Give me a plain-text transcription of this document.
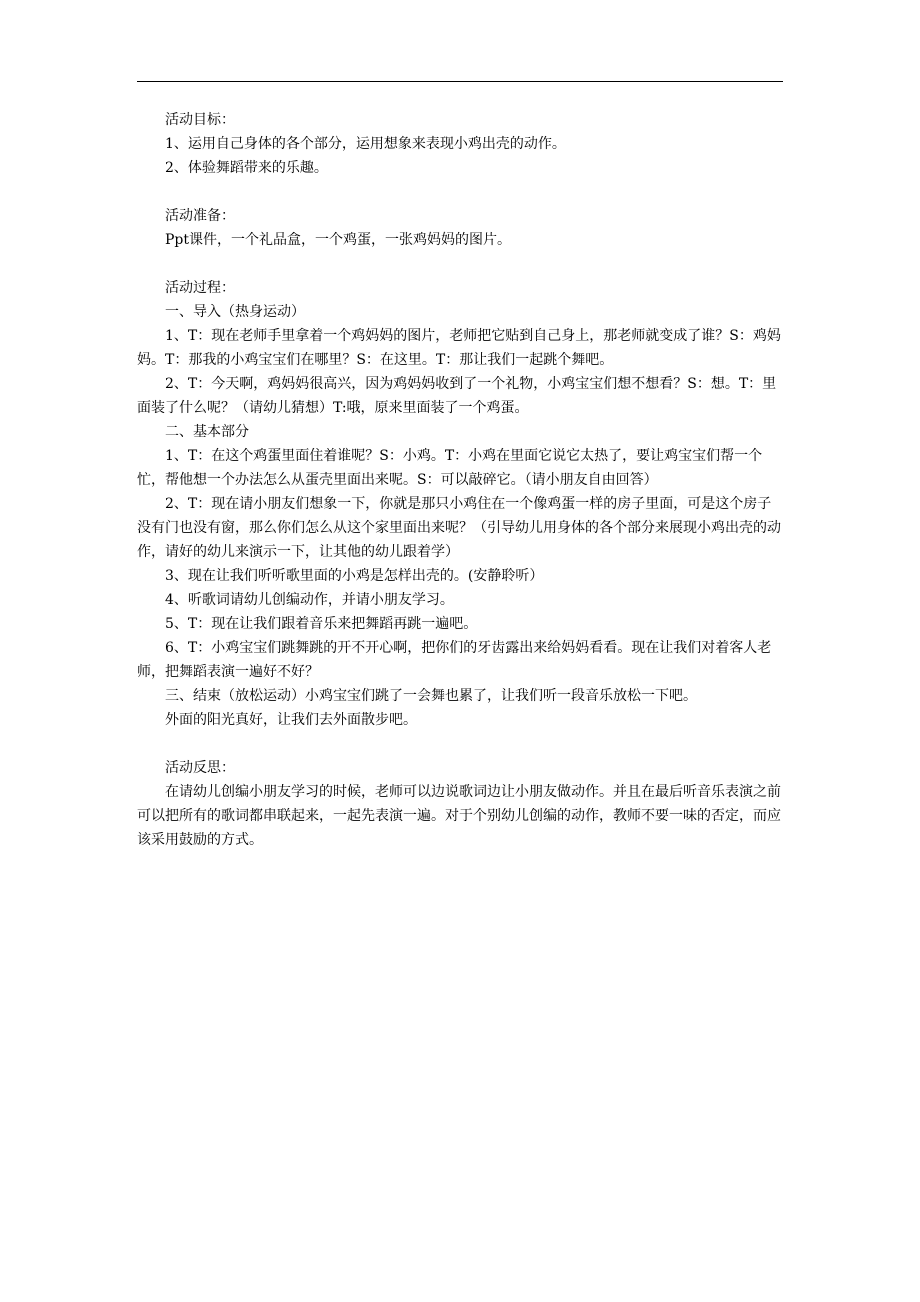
活动目标：

1、运用自己身体的各个部分，运用想象来表现小鸡出壳的动作。

2、体验舞蹈带来的乐趣。

活动准备：

Ppt课件，一个礼品盒，一个鸡蛋，一张鸡妈妈的图片。

活动过程：

一、导入（热身运动）

1、T：现在老师手里拿着一个鸡妈妈的图片，老师把它贴到自己身上，那老师就变成了谁？S：鸡妈妈。T：那我的小鸡宝宝们在哪里？S：在这里。T：那让我们一起跳个舞吧。

2、T：今天啊，鸡妈妈很高兴，因为鸡妈妈收到了一个礼物，小鸡宝宝们想不想看？S：想。T：里面装了什么呢？（请幼儿猜想）T:哦，原来里面装了一个鸡蛋。

二、基本部分

1、T：在这个鸡蛋里面住着谁呢？S：小鸡。T：小鸡在里面它说它太热了，要让鸡宝宝们帮一个忙，帮他想一个办法怎么从蛋壳里面出来呢。S：可以敲碎它。（请小朋友自由回答）

2、T：现在请小朋友们想象一下，你就是那只小鸡住在一个像鸡蛋一样的房子里面，可是这个房子没有门也没有窗，那么你们怎么从这个家里面出来呢？（引导幼儿用身体的各个部分来展现小鸡出壳的动作，请好的幼儿来演示一下，让其他的幼儿跟着学）

3、现在让我们听听歌里面的小鸡是怎样出壳的。(安静聆听）

4、听歌词请幼儿创编动作，并请小朋友学习。

5、T：现在让我们跟着音乐来把舞蹈再跳一遍吧。

6、T：小鸡宝宝们跳舞跳的开不开心啊，把你们的牙齿露出来给妈妈看看。现在让我们对着客人老师，把舞蹈表演一遍好不好？

三、结束（放松运动）小鸡宝宝们跳了一会舞也累了，让我们听一段音乐放松一下吧。

外面的阳光真好，让我们去外面散步吧。

活动反思：

在请幼儿创编小朋友学习的时候，老师可以边说歌词边让小朋友做动作。并且在最后听音乐表演之前可以把所有的歌词都串联起来，一起先表演一遍。对于个别幼儿创编的动作，教师不要一味的否定，而应该采用鼓励的方式。
